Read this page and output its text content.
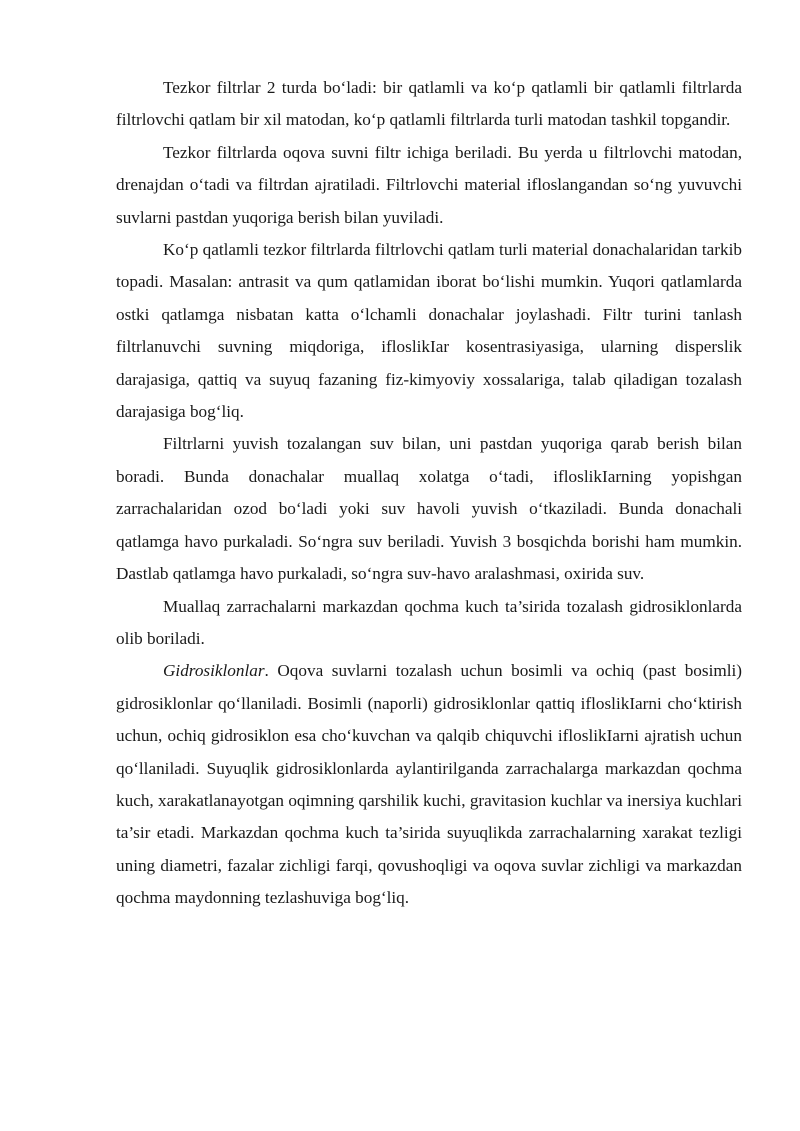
Tezkor filtrlar 2 turda bo‘ladi: bir qatlamli va ko‘p qatlamli bir qatlamli filtrlarda filtrlovchi qatlam bir xil matodan, ko‘p qatlamli filtrlarda turli matodan tashkil topgandir.

Tezkor filtrlarda oqova suvni filtr ichiga beriladi. Bu yerda u filtrlovchi matodan, drenajdan o‘tadi va filtrdan ajratiladi. Filtrlovchi material ifloslangandan so‘ng yuvuvchi suvlarni pastdan yuqoriga berish bilan yuviladi.

Ko‘p qatlamli tezkor filtrlarda filtrlovchi qatlam turli material donachalaridan tarkib topadi. Masalan: antrasit va qum qatlamidan iborat bo‘lishi mumkin. Yuqori qatlamlarda ostki qatlamga nisbatan katta o‘lchamli donachalar joylashadi. Filtr turini tanlash filtrlanuvchi suvning miqdoriga, ifloslikIar kosentrasiyasiga, ularning disperslik darajasiga, qattiq va suyuq fazaning fiz-kimyoviy xossalariga, talab qiladigan tozalash darajasiga bog‘liq.

Filtrlarni yuvish tozalangan suv bilan, uni pastdan yuqoriga qarab berish bilan boradi. Bunda donachalar muallaq xolatga o‘tadi, ifloslikIarning yopishgan zarrachalaridan ozod bo‘ladi yoki suv havoli yuvish o‘tkaziladi. Bunda donachali qatlamga havo purkaladi. So‘ngra suv beriladi. Yuvish 3 bosqichda borishi ham mumkin. Dastlab qatlamga havo purkaladi, so‘ngra suv-havo aralashmasi, oxirida suv.

Muallaq zarrachalarni markazdan qochma kuch ta’sirida tozalash gidrosiklonlarda olib boriladi.

Gidrosiklonlar. Oqova suvlarni tozalash uchun bosimli va ochiq (past bosimli) gidrosiklonlar qo‘llaniladi. Bosimli (naporli) gidrosiklonlar qattiq ifloslikIarni cho‘ktirish uchun, ochiq gidrosiklon esa cho‘kuvchan va qalqib chiquvchi ifloslikIarni ajratish uchun qo‘llaniladi. Suyuqlik gidrosiklonlarda aylantirilganda zarrachalarga markazdan qochma kuch, xarakatlanayotgan oqimning qarshilik kuchi, gravitasion kuchlar va inersiya kuchlari ta’sir etadi. Markazdan qochma kuch ta’sirida suyuqlikda zarrachalarning xarakat tezligi uning diametri, fazalar zichligi farqi, qovushoqligi va oqova suvlar zichligi va markazdan qochma maydonning tezlashuviga bog‘liq.
